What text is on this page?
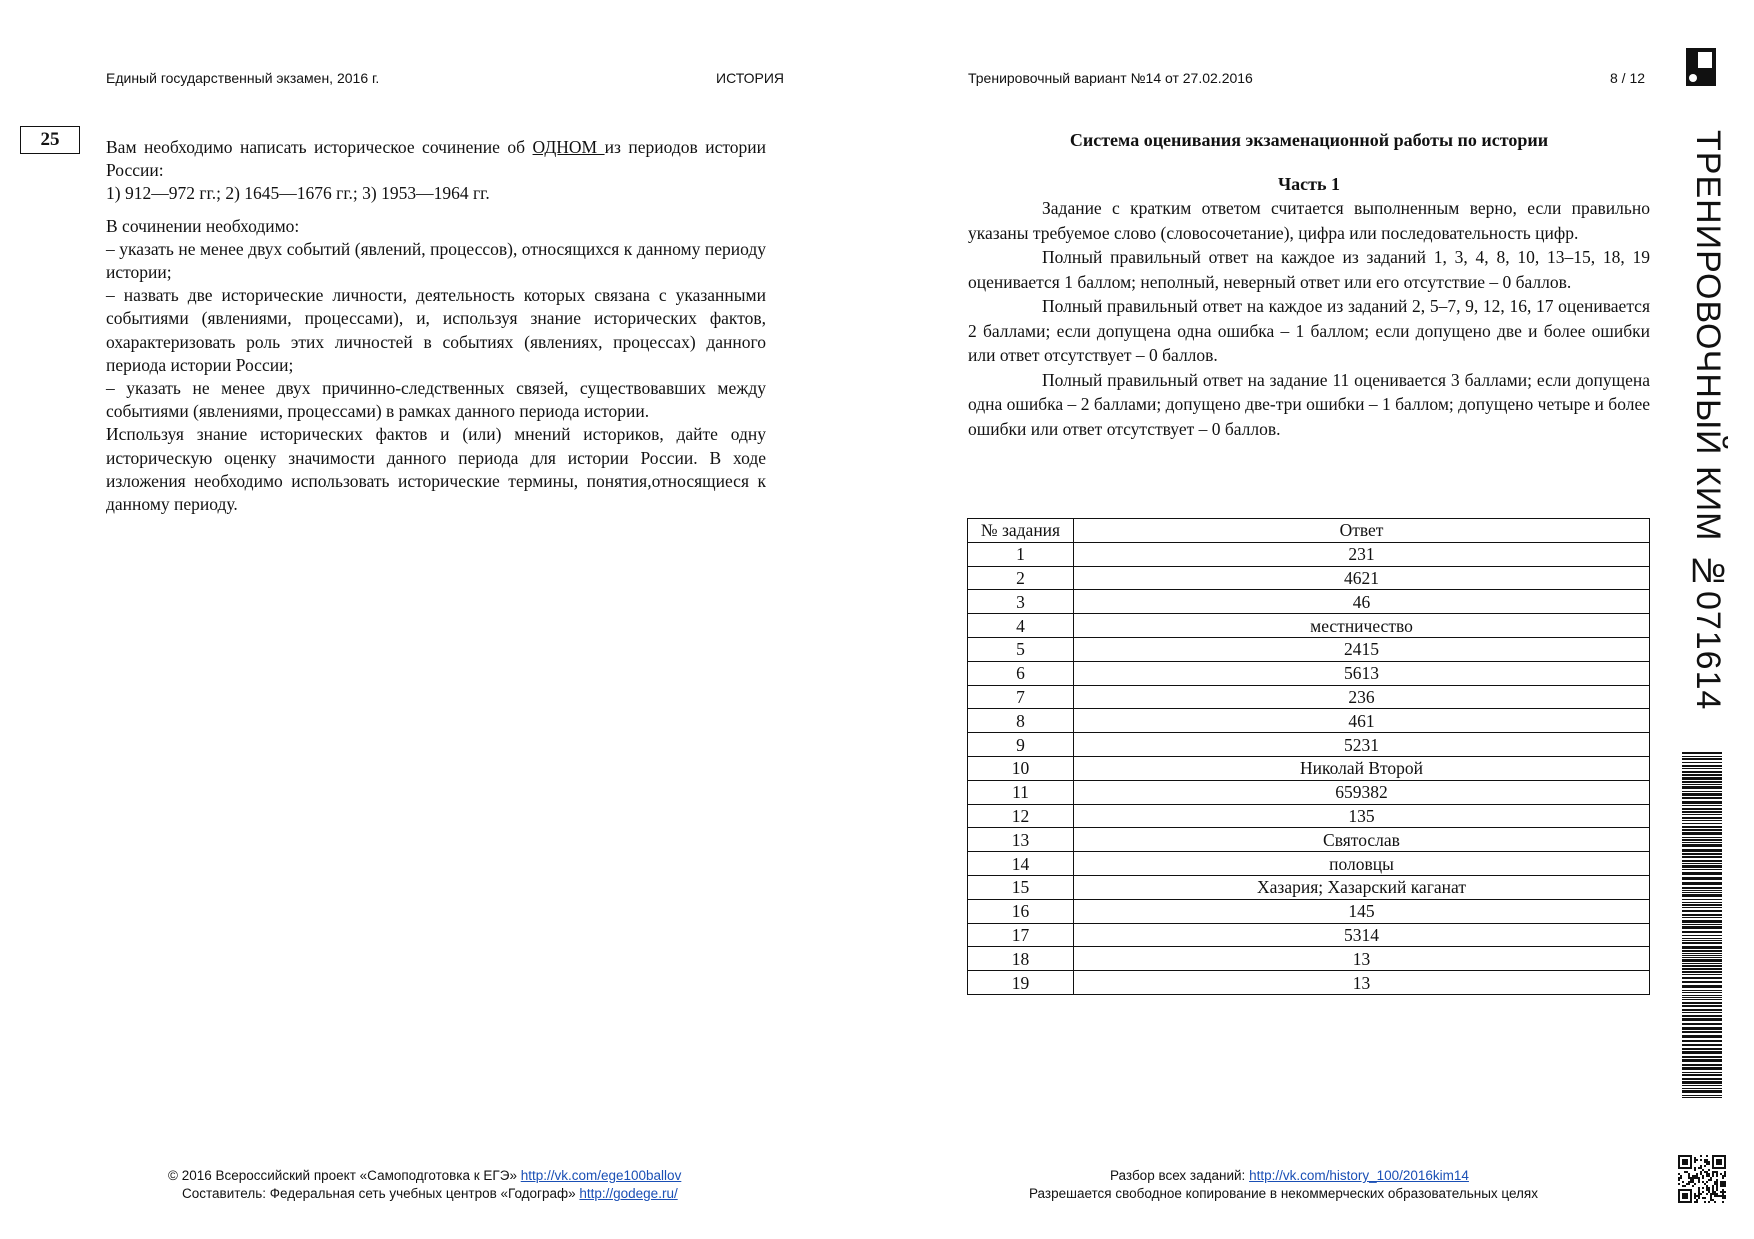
Единый государственный экзамен, 2016 г.	ИСТОРИЯ	Тренировочный вариант №14 от 27.02.2016	8 / 12
25	Вам необходимо написать историческое сочинение об ОДНОМ из периодов истории России:

1) 912—972 гг.; 2) 1645—1676 гг.; 3) 1953—1964 гг.

В сочинении необходимо:

– указать не менее двух событий (явлений, процессов), относящихся к данному периоду истории;

– назвать две исторические личности, деятельность которых связана с указанными событиями (явлениями, процессами), и, используя знание исторических фактов, охарактеризовать роль этих личностей в событиях (явлениях, процессах) данного периода истории России;

– указать не менее двух причинно-следственных связей, существовавших между событиями (явлениями, процессами) в рамках данного периода истории.

Используя знание исторических фактов и (или) мнений историков, дайте одну историческую оценку значимости данного периода для истории России. В ходе изложения необходимо использовать исторические термины, понятия,относящиеся к данному периоду.

Система оценивания экзаменационной работы по истории
Часть 1

Задание с кратким ответом считается выполненным верно, если правильно указаны требуемое слово (словосочетание), цифра или последовательность цифр.

Полный правильный ответ на каждое из заданий 1, 3, 4, 8, 10, 13–15, 18, 19 оценивается 1 баллом; неполный, неверный ответ или его отсутствие – 0 баллов.

Полный правильный ответ на каждое из заданий 2, 5–7, 9, 12, 16, 17 оценивается 2 баллами; если допущена одна ошибка – 1 баллом; если допущено две и более ошибки или ответ отсутствует – 0 баллов.

Полный правильный ответ на задание 11 оценивается 3 баллами; если допущена одна ошибка – 2 баллами; допущено две-три ошибки – 1 баллом; допущено четыре и более ошибки или ответ отсутствует – 0 баллов.

№ задания	Ответ
1	231
2	4621
3	46
4	местничество
5	2415
6	5613
7	236
8	461
9	5231
10	Николай Второй
11	659382
12	135
13	Святослав
14	половцы
15	Хазария; Хазарский каганат
16	145
17	5314
18	13
19	13
ТРЕНИРОВОЧНЫЙ КИМ №071614
© 2016 Всероссийский проект «Самоподготовка к ЕГЭ» http://vk.com/ege100ballov
Составитель: Федеральная сеть учебных центров «Годограф» http://godege.ru/
Разбор всех заданий: http://vk.com/history_100/2016kim14
Разрешается свободное копирование в некоммерческих образовательных целях
